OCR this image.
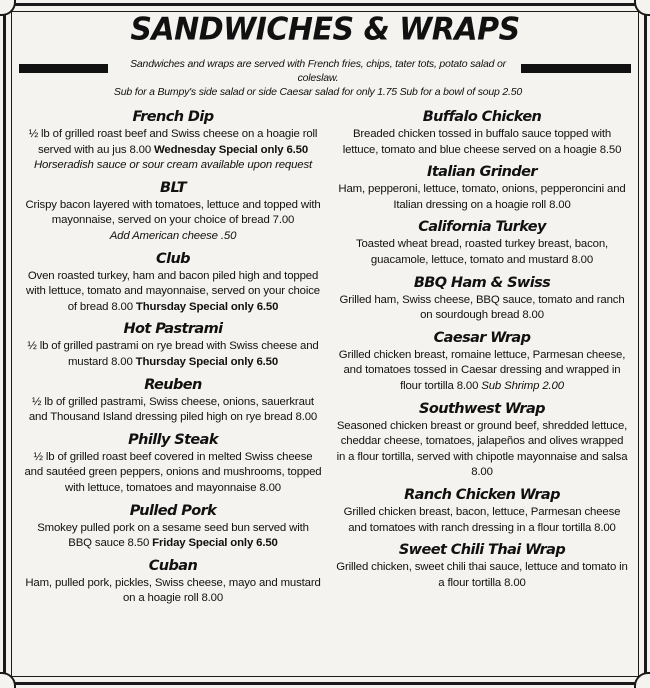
SANDWICHES & WRAPS
Sandwiches and wraps are served with French fries, chips, tater tots, potato salad or coleslaw.
Sub for a Bumpy's side salad or side Caesar salad for only 1.75 Sub for a bowl of soup 2.50
French Dip
½ lb of grilled roast beef and Swiss cheese on a hoagie roll served with au jus 8.00 Wednesday Special only 6.50
Horseradish sauce or sour cream available upon request
BLT
Crispy bacon layered with tomatoes, lettuce and topped with mayonnaise, served on your choice of bread 7.00
Add American cheese .50
Club
Oven roasted turkey, ham and bacon piled high and topped with lettuce, tomato and mayonnaise, served on your choice of bread 8.00 Thursday Special only 6.50
Hot Pastrami
½ lb of grilled pastrami on rye bread with Swiss cheese and mustard 8.00 Thursday Special only 6.50
Reuben
½ lb of grilled pastrami, Swiss cheese, onions, sauerkraut and Thousand Island dressing piled high on rye bread 8.00
Philly Steak
½ lb of grilled roast beef covered in melted Swiss cheese and sautéed green peppers, onions and mushrooms, topped with lettuce, tomatoes and mayonnaise 8.00
Pulled Pork
Smokey pulled pork on a sesame seed bun served with BBQ sauce 8.50 Friday Special only 6.50
Cuban
Ham, pulled pork, pickles, Swiss cheese, mayo and mustard on a hoagie roll 8.00
Buffalo Chicken
Breaded chicken tossed in buffalo sauce topped with lettuce, tomato and blue cheese served on a hoagie 8.50
Italian Grinder
Ham, pepperoni, lettuce, tomato, onions, pepperoncini and Italian dressing on a hoagie roll 8.00
California Turkey
Toasted wheat bread, roasted turkey breast, bacon, guacamole, lettuce, tomato and mustard 8.00
BBQ Ham & Swiss
Grilled ham, Swiss cheese, BBQ sauce, tomato and ranch on sourdough bread 8.00
Caesar Wrap
Grilled chicken breast, romaine lettuce, Parmesan cheese, and tomatoes tossed in Caesar dressing and wrapped in flour tortilla 8.00 Sub Shrimp 2.00
Southwest Wrap
Seasoned chicken breast or ground beef, shredded lettuce, cheddar cheese, tomatoes, jalapeños and olives wrapped in a flour tortilla, served with chipotle mayonnaise and salsa 8.00
Ranch Chicken Wrap
Grilled chicken breast, bacon, lettuce, Parmesan cheese and tomatoes with ranch dressing in a flour tortilla 8.00
Sweet Chili Thai Wrap
Grilled chicken, sweet chili thai sauce, lettuce and tomato in a flour tortilla 8.00
